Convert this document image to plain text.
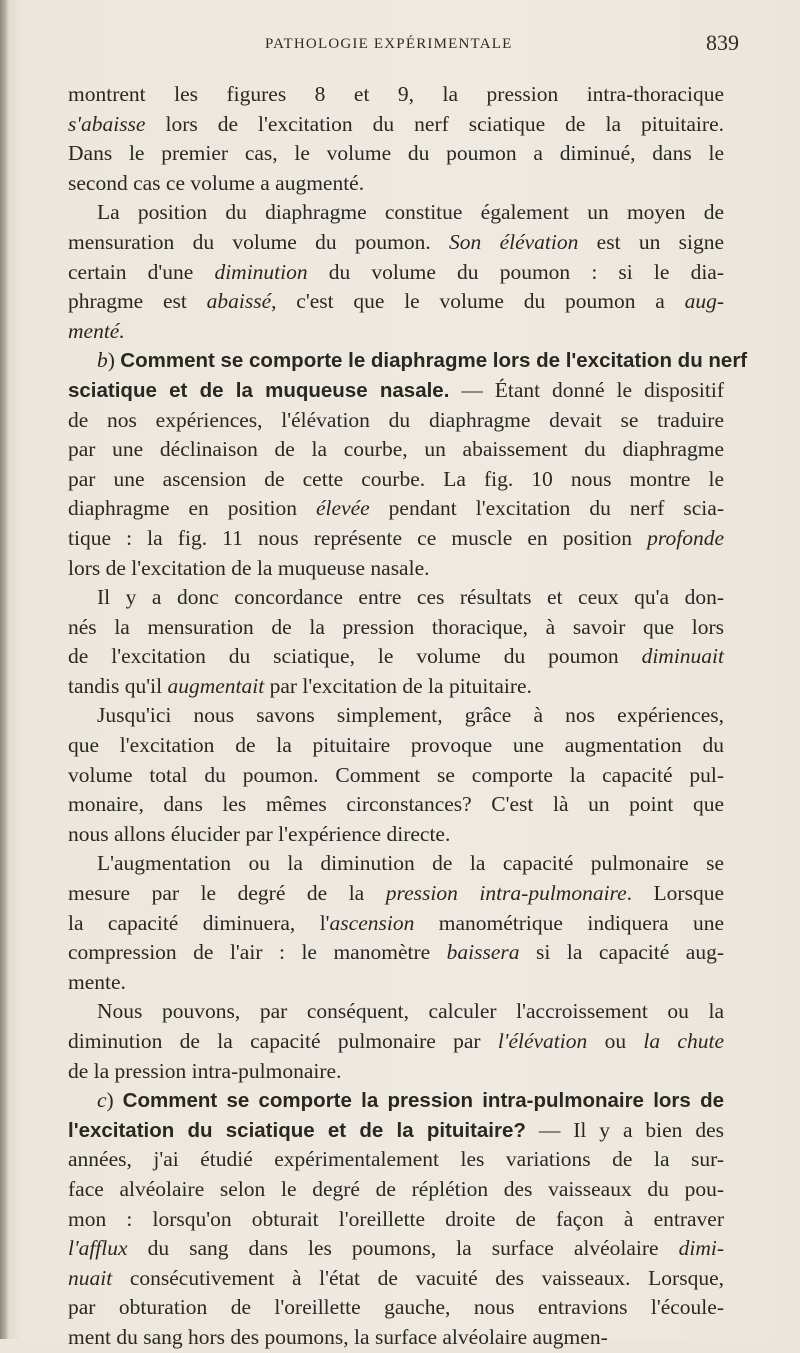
PATHOLOGIE EXPÉRIMENTALE	839
montrent les figures 8 et 9, la pression intra-thoracique
s'abaisse lors de l'excitation du nerf sciatique de la pituitaire.
Dans le premier cas, le volume du poumon a diminué, dans le
second cas ce volume a augmenté.
La position du diaphragme constitue également un moyen de
mensuration du volume du poumon. Son élévation est un signe
certain d'une diminution du volume du poumon : si le dia-
phragme est abaissé, c'est que le volume du poumon a aug-
menté.
b) Comment se comporte le diaphragme lors de l'excitation du nerf
sciatique et de la muqueuse nasale. — Étant donné le dispositif
de nos expériences, l'élévation du diaphragme devait se traduire
par une déclinaison de la courbe, un abaissement du diaphragme
par une ascension de cette courbe. La fig. 10 nous montre le
diaphragme en position élevée pendant l'excitation du nerf scia-
tique : la fig. 11 nous représente ce muscle en position profonde
lors de l'excitation de la muqueuse nasale.
Il y a donc concordance entre ces résultats et ceux qu'a don-
nés la mensuration de la pression thoracique, à savoir que lors
de l'excitation du sciatique, le volume du poumon diminuait
tandis qu'il augmentait par l'excitation de la pituitaire.
Jusqu'ici nous savons simplement, grâce à nos expériences,
que l'excitation de la pituitaire provoque une augmentation du
volume total du poumon. Comment se comporte la capacité pul-
monaire, dans les mêmes circonstances? C'est là un point que
nous allons élucider par l'expérience directe.
L'augmentation ou la diminution de la capacité pulmonaire se
mesure par le degré de la pression intra-pulmonaire. Lorsque
la capacité diminuera, l'ascension manométrique indiquera une
compression de l'air : le manomètre baissera si la capacité aug-
mente.
Nous pouvons, par conséquent, calculer l'accroissement ou la
diminution de la capacité pulmonaire par l'élévation ou la chute
de la pression intra-pulmonaire.
c) Comment se comporte la pression intra-pulmonaire lors de
l'excitation du sciatique et de la pituitaire? — Il y a bien des
années, j'ai étudié expérimentalement les variations de la sur-
face alvéolaire selon le degré de réplétion des vaisseaux du pou-
mon : lorsqu'on obturait l'oreillette droite de façon à entraver
l'afflux du sang dans les poumons, la surface alvéolaire dimi-
nuait consécutivement à l'état de vacuité des vaisseaux. Lorsque,
par obturation de l'oreillette gauche, nous entravions l'écoule-
ment du sang hors des poumons, la surface alvéolaire augmen-
